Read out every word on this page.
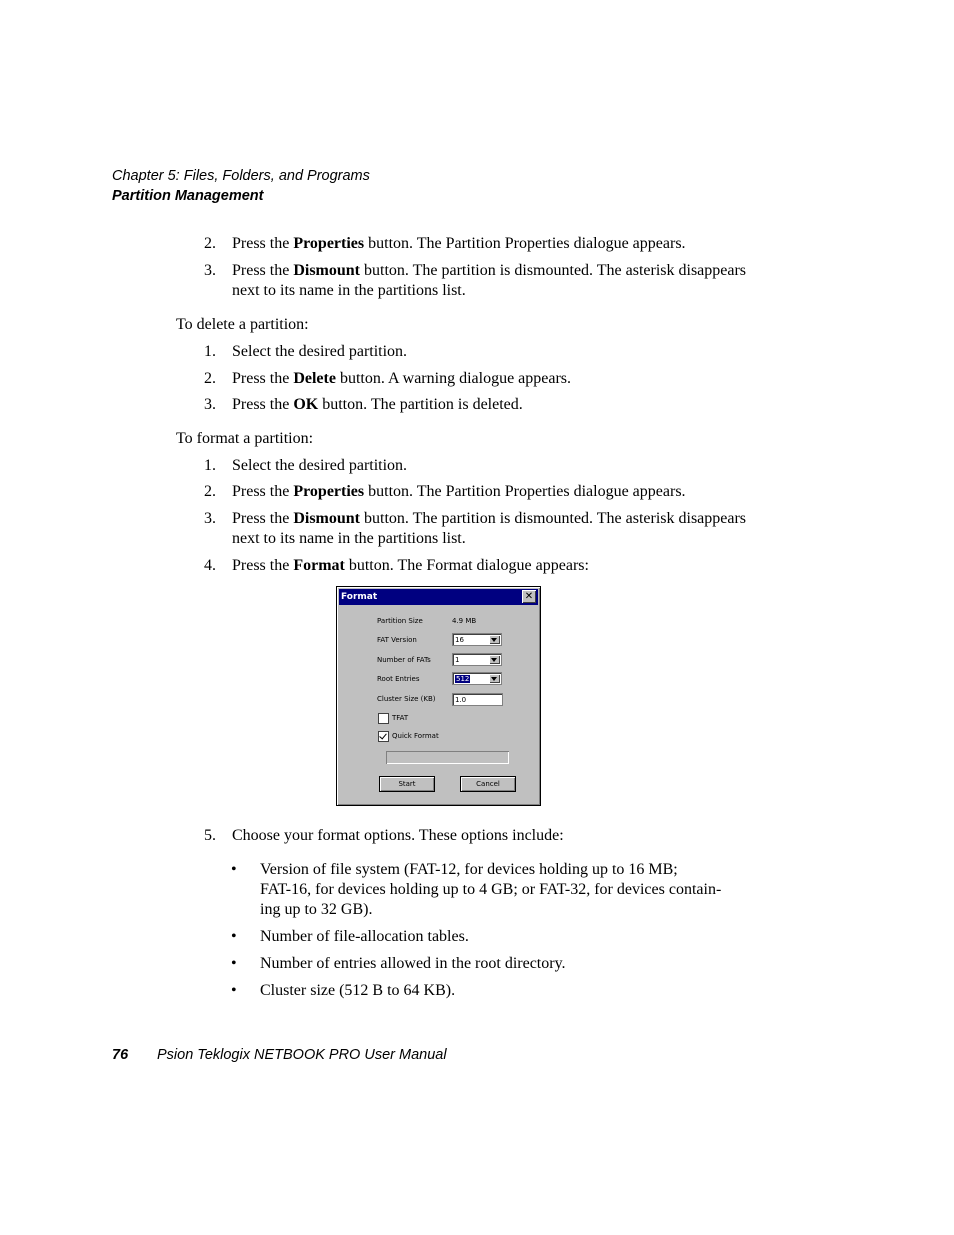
Chapter 5: Files, Folders, and Programs
Partition Management
2. Press the Properties button. The Partition Properties dialogue appears.
3. Press the Dismount button. The partition is dismounted. The asterisk disappears next to its name in the partitions list.
To delete a partition:
1. Select the desired partition.
2. Press the Delete button. A warning dialogue appears.
3. Press the OK button. The partition is deleted.
To format a partition:
1. Select the desired partition.
2. Press the Properties button. The Partition Properties dialogue appears.
3. Press the Dismount button. The partition is dismounted. The asterisk disappears next to its name in the partitions list.
4. Press the Format button. The Format dialogue appears:
Format	✕
Partition Size	4.9 MB
FAT Version	16
Number of FATs	1
Root Entries	512
Cluster Size (KB)	1.0
TFAT
Quick Format
Start	Cancel
5. Choose your format options. These options include:
• Version of file system (FAT-12, for devices holding up to 16 MB;
FAT-16, for devices holding up to 4 GB; or FAT-32, for devices contain-
ing up to 32 GB).
• Number of file-allocation tables.
• Number of entries allowed in the root directory.
• Cluster size (512 B to 64 KB).
76 Psion Teklogix NETBOOK PRO User Manual
